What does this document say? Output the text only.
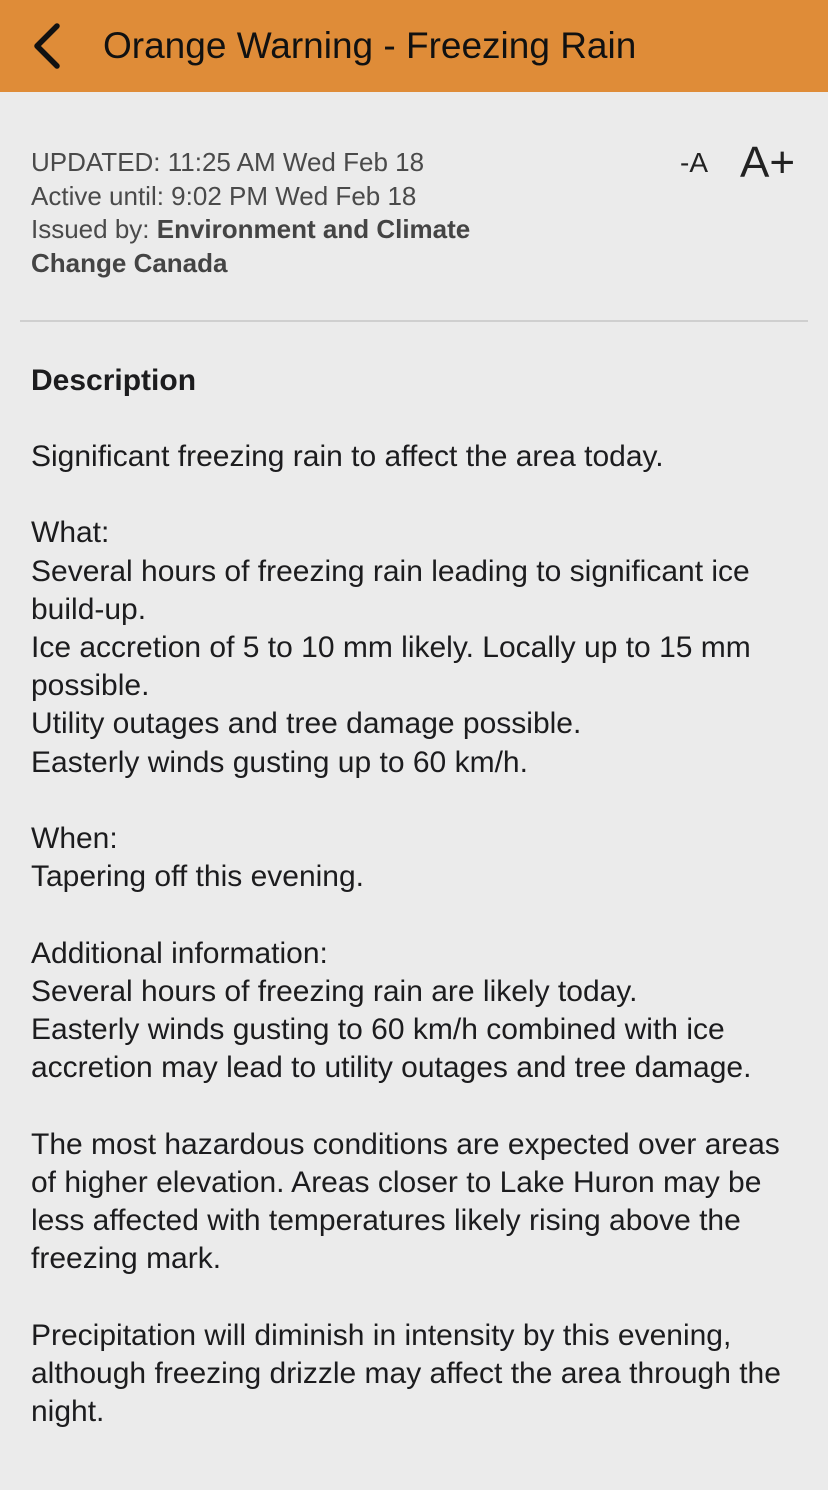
Orange Warning - Freezing Rain
UPDATED: 11:25 AM Wed Feb 18
Active until: 9:02 PM Wed Feb 18
Issued by: Environment and Climate Change Canada
-A A+
Description

Significant freezing rain to affect the area today.

What:
Several hours of freezing rain leading to significant ice build-up.
Ice accretion of 5 to 10 mm likely. Locally up to 15 mm possible.
Utility outages and tree damage possible.
Easterly winds gusting up to 60 km/h.

When:
Tapering off this evening.

Additional information:
Several hours of freezing rain are likely today.
Easterly winds gusting to 60 km/h combined with ice accretion may lead to utility outages and tree damage.

The most hazardous conditions are expected over areas of higher elevation. Areas closer to Lake Huron may be less affected with temperatures likely rising above the freezing mark.

Precipitation will diminish in intensity by this evening, although freezing drizzle may affect the area through the night.
